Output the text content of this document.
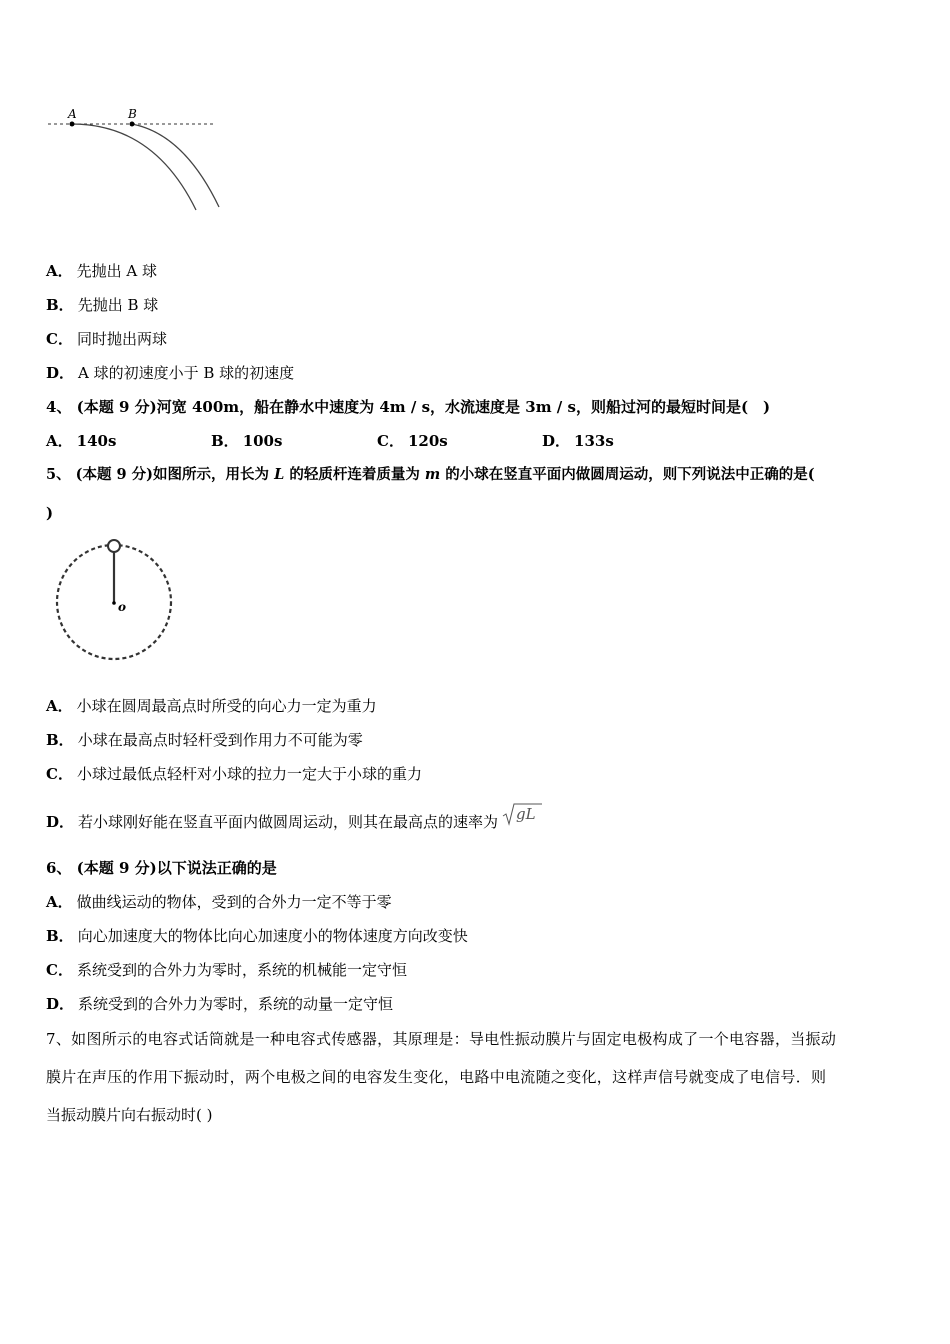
A	B
A． 先抛出 A 球
B． 先抛出 B 球
C． 同时抛出两球
D． A 球的初速度小于 B 球的初速度
4、 (本题 9 分)河宽 400m，船在静水中速度为 4m / s，水流速度是 3m / s，则船过河的最短时间是(　)
A． 140s	B． 100s	C． 120s	D． 133s
5、 (本题 9 分)如图所示，用长为 L 的轻质杆连着质量为 m 的小球在竖直平面内做圆周运动，则下列说法中正确的是(
)
o
A． 小球在圆周最高点时所受的向心力一定为重力
B． 小球在最高点时轻杆受到作用力不可能为零
C． 小球过最低点轻杆对小球的拉力一定大于小球的重力
D． 若小球刚好能在竖直平面内做圆周运动，则其在最高点的速率为 gL
6、 (本题 9 分)以下说法正确的是
A． 做曲线运动的物体，受到的合外力一定不等于零
B． 向心加速度大的物体比向心加速度小的物体速度方向改变快
C． 系统受到的合外力为零时，系统的机械能一定守恒
D． 系统受到的合外力为零时，系统的动量一定守恒
7、如图所示的电容式话筒就是一种电容式传感器，其原理是：导电性振动膜片与固定电极构成了一个电容器，当振动
膜片在声压的作用下振动时，两个电极之间的电容发生变化，电路中电流随之变化，这样声信号就变成了电信号．则
当振动膜片向右振动时( )
